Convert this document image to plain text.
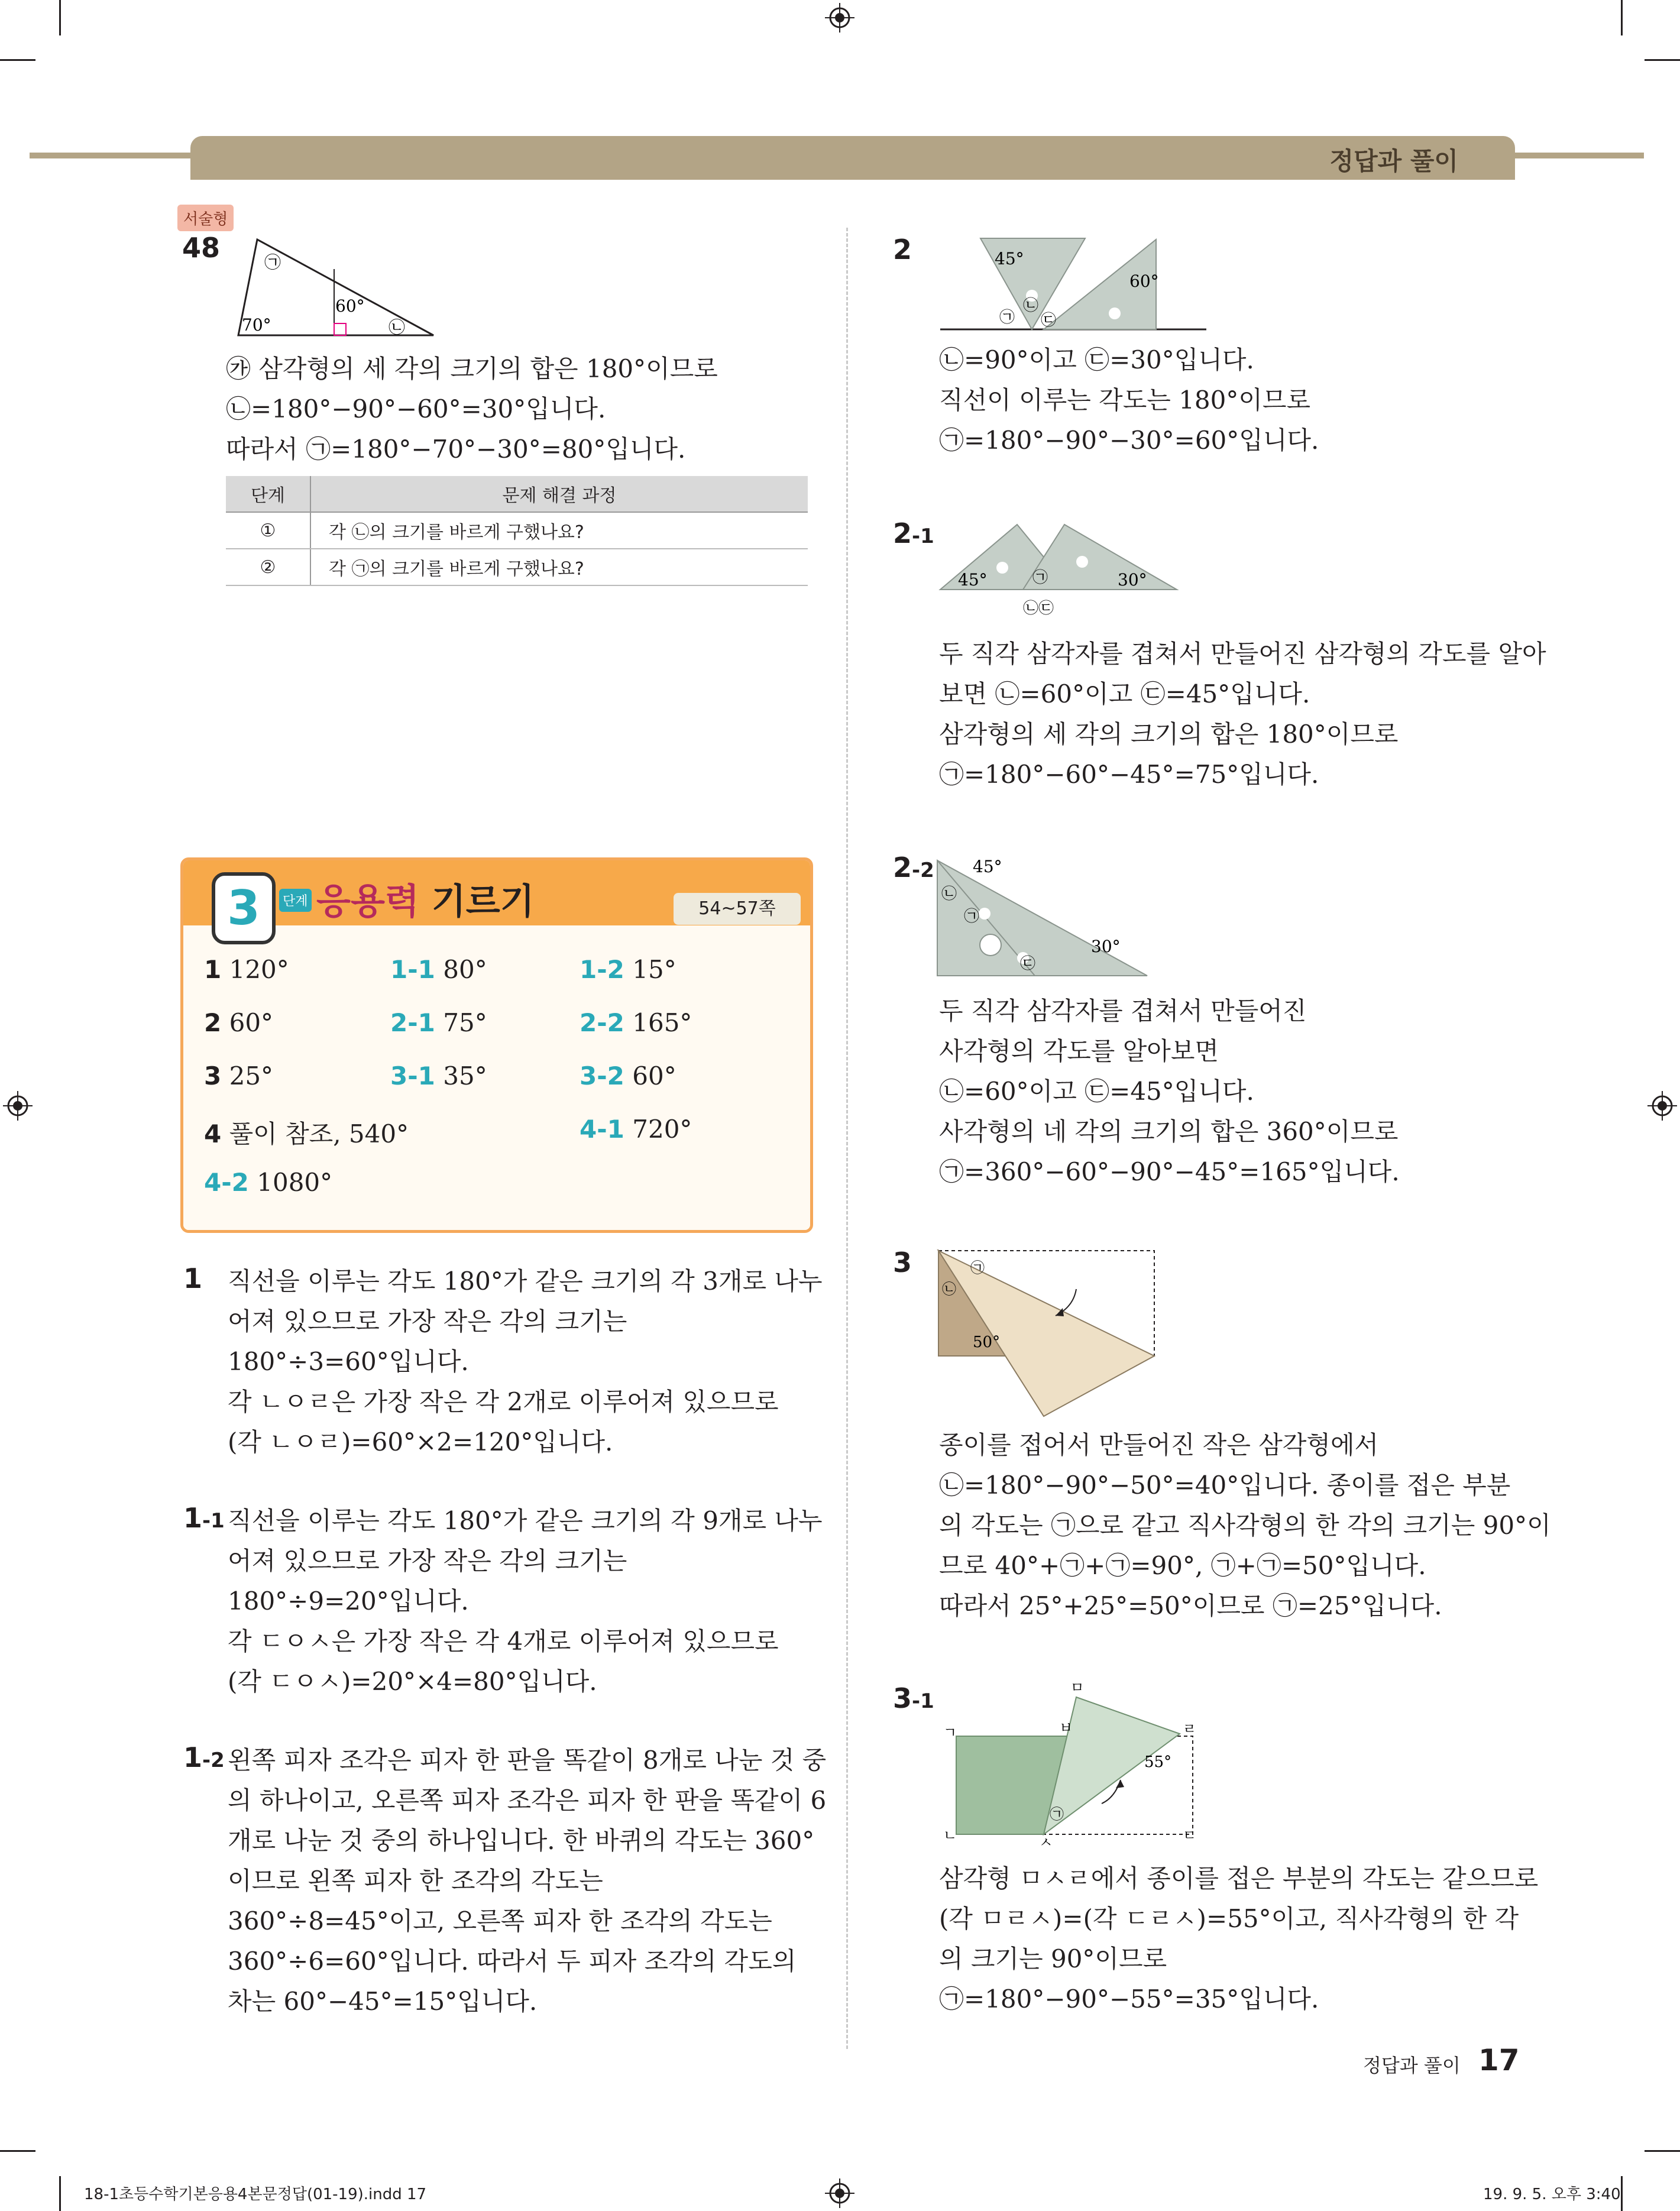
정답과 풀이
서술형
48	㉠
㉡
70°
60°
㉮ 삼각형의 세 각의 크기의 합은 180°이므로
㉡=180°−90°−60°=30°입니다.
따라서 ㉠=180°−70°−30°=80°입니다.
단계	문제 해결 과정
①	각 ㉡의 크기를 바르게 구했나요?
②	각 ㉠의 크기를 바르게 구했나요?
3	단계 응용력 기르기	54~57쪽
1 120°	1-1 80°	1-2 15°
2 60°	2-1 75°	2-2 165°
3 25°	3-1 35°	3-2 60°
4 풀이 참조, 540°	4-1 720°
4-2 1080°
1 직선을 이루는 각도 180°가 같은 크기의 각 3개로 나누
어져 있으므로 가장 작은 각의 크기는
180°÷3=60°입니다.
각 ㄴㅇㄹ은 가장 작은 각 2개로 이루어져 있으므로
(각 ㄴㅇㄹ)=60°×2=120°입니다.
1-1 직선을 이루는 각도 180°가 같은 크기의 각 9개로 나누
어져 있으므로 가장 작은 각의 크기는
180°÷9=20°입니다.
각 ㄷㅇㅅ은 가장 작은 각 4개로 이루어져 있으므로
(각 ㄷㅇㅅ)=20°×4=80°입니다.
1-2 왼쪽 피자 조각은 피자 한 판을 똑같이 8개로 나눈 것 중
의 하나이고, 오른쪽 피자 조각은 피자 한 판을 똑같이 6
개로 나눈 것 중의 하나입니다. 한 바퀴의 각도는 360°
이므로 왼쪽 피자 한 조각의 각도는
360°÷8=45°이고, 오른쪽 피자 한 조각의 각도는
360°÷6=60°입니다. 따라서 두 피자 조각의 각도의
차는 60°−45°=15°입니다.
2	45°
60°
㉠
㉡
㉢
㉡=90°이고 ㉢=30°입니다.
직선이 이루는 각도는 180°이므로
㉠=180°−90°−30°=60°입니다.
2-1
45°	30°
㉠
㉡㉢
두 직각 삼각자를 겹쳐서 만들어진 삼각형의 각도를 알아
보면 ㉡=60°이고 ㉢=45°입니다.
삼각형의 세 각의 크기의 합은 180°이므로
㉠=180°−60°−45°=75°입니다.
2-2 45°
30°
㉡
㉠
㉢
두 직각 삼각자를 겹쳐서 만들어진
사각형의 각도를 알아보면
㉡=60°이고 ㉢=45°입니다.
사각형의 네 각의 크기의 합은 360°이므로
㉠=360°−60°−90°−45°=165°입니다.
3	㉠
㉡
50°
종이를 접어서 만들어진 작은 삼각형에서
㉡=180°−90°−50°=40°입니다. 종이를 접은 부분
의 각도는 ㉠으로 같고 직사각형의 한 각의 크기는 90°이
므로 40°+㉠+㉠=90°, ㉠+㉠=50°입니다.
따라서 25°+25°=50°이므로 ㉠=25°입니다.
3-1
ㄱ
ㄴ	ㄷ
ㄹ
ㅁ
ㅂ
ㅅ
㉠
55°
삼각형 ㅁㅅㄹ에서 종이를 접은 부분의 각도는 같으므로
(각 ㅁㄹㅅ)=(각 ㄷㄹㅅ)=55°이고, 직사각형의 한 각
의 크기는 90°이므로
㉠=180°−90°−55°=35°입니다.
정답과 풀이 17
18-1초등수학기본응용4본문정답(01-19).indd 17	19. 9. 5. 오후 3:40
